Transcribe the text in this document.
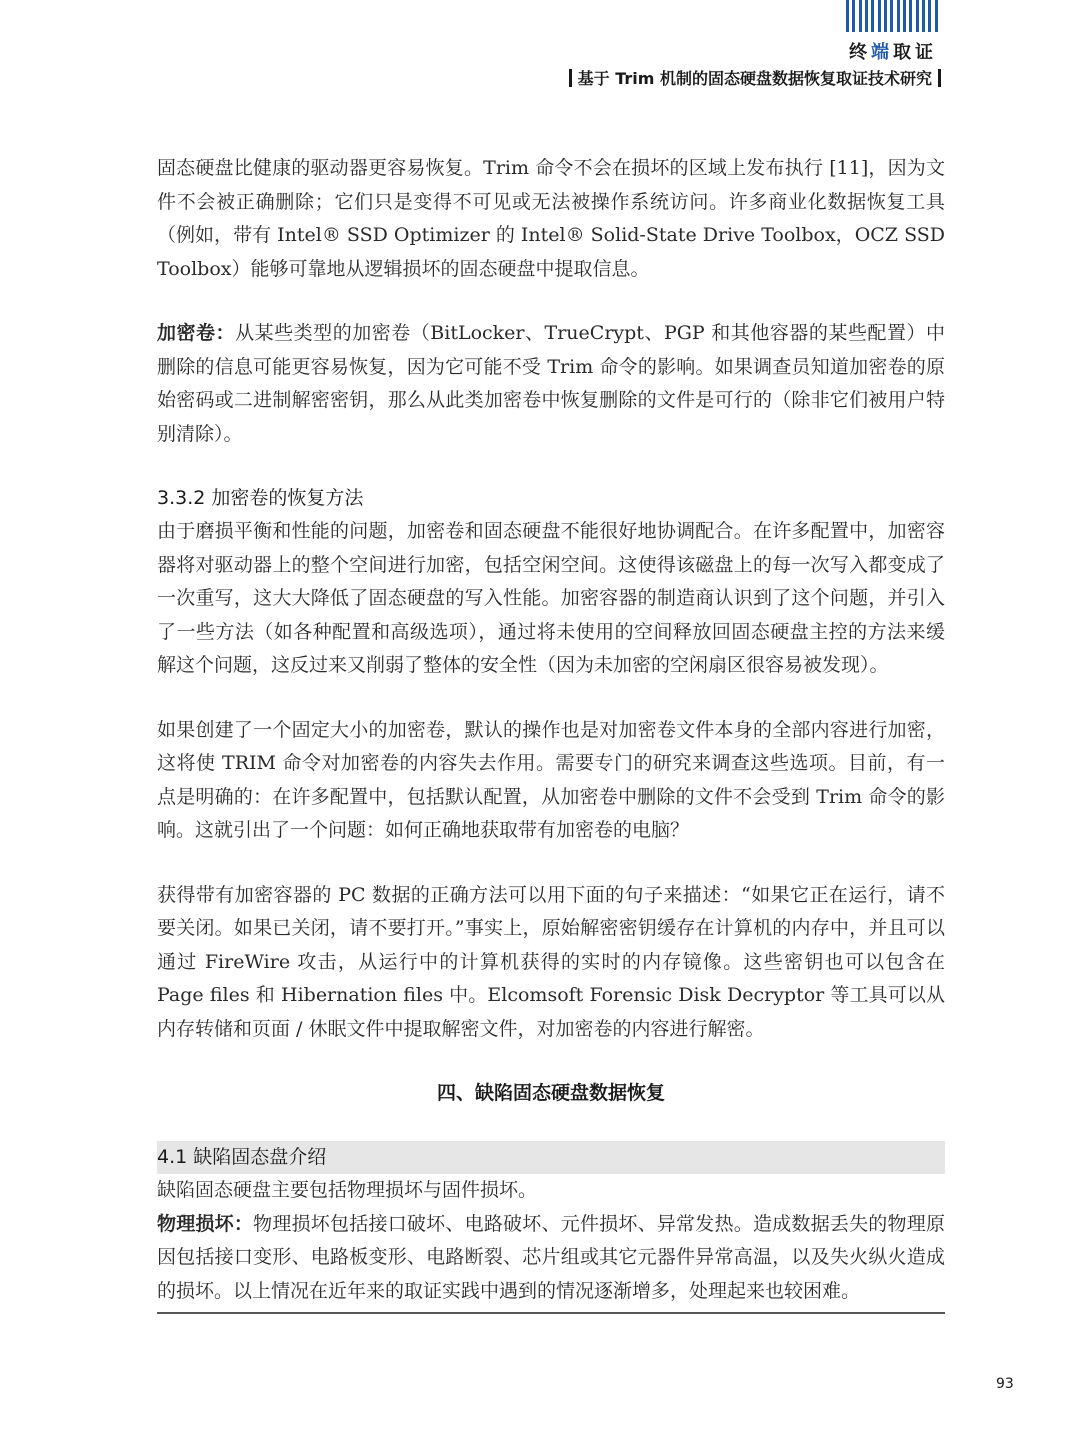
终端取证
基于 Trim 机制的固态硬盘数据恢复取证技术研究

固态硬盘比健康的驱动器更容易恢复。Trim 命令不会在损坏的区域上发布执行 [11]，因为文件不会被正确删除；它们只是变得不可见或无法被操作系统访问。许多商业化数据恢复工具（例如，带有 Intel® SSD Optimizer 的 Intel® Solid-State Drive Toolbox，OCZ SSD Toolbox）能够可靠地从逻辑损坏的固态硬盘中提取信息。

加密卷：从某些类型的加密卷（BitLocker、TrueCrypt、PGP 和其他容器的某些配置）中删除的信息可能更容易恢复，因为它可能不受 Trim 命令的影响。如果调查员知道加密卷的原始密码或二进制解密密钥，那么从此类加密卷中恢复删除的文件是可行的（除非它们被用户特别清除）。

3.3.2 加密卷的恢复方法

由于磨损平衡和性能的问题，加密卷和固态硬盘不能很好地协调配合。在许多配置中，加密容器将对驱动器上的整个空间进行加密，包括空闲空间。这使得该磁盘上的每一次写入都变成了一次重写，这大大降低了固态硬盘的写入性能。加密容器的制造商认识到了这个问题，并引入了一些方法（如各种配置和高级选项），通过将未使用的空间释放回固态硬盘主控的方法来缓解这个问题，这反过来又削弱了整体的安全性（因为未加密的空闲扇区很容易被发现）。

如果创建了一个固定大小的加密卷，默认的操作也是对加密卷文件本身的全部内容进行加密，这将使 TRIM 命令对加密卷的内容失去作用。需要专门的研究来调查这些选项。目前，有一点是明确的：在许多配置中，包括默认配置，从加密卷中删除的文件不会受到 Trim 命令的影响。这就引出了一个问题：如何正确地获取带有加密卷的电脑？

获得带有加密容器的 PC 数据的正确方法可以用下面的句子来描述：“如果它正在运行，请不要关闭。如果已关闭，请不要打开。”事实上，原始解密密钥缓存在计算机的内存中，并且可以通过 FireWire 攻击，从运行中的计算机获得的实时的内存镜像。这些密钥也可以包含在 Page files 和 Hibernation files 中。Elcomsoft Forensic Disk Decryptor 等工具可以从内存转储和页面 / 休眠文件中提取解密文件，对加密卷的内容进行解密。

四、缺陷固态硬盘数据恢复
4.1 缺陷固态盘介绍

缺陷固态硬盘主要包括物理损坏与固件损坏。

物理损坏：物理损坏包括接口破坏、电路破坏、元件损坏、异常发热。造成数据丢失的物理原因包括接口变形、电路板变形、电路断裂、芯片组或其它元器件异常高温，以及失火纵火造成的损坏。以上情况在近年来的取证实践中遇到的情况逐渐增多，处理起来也较困难。

93
